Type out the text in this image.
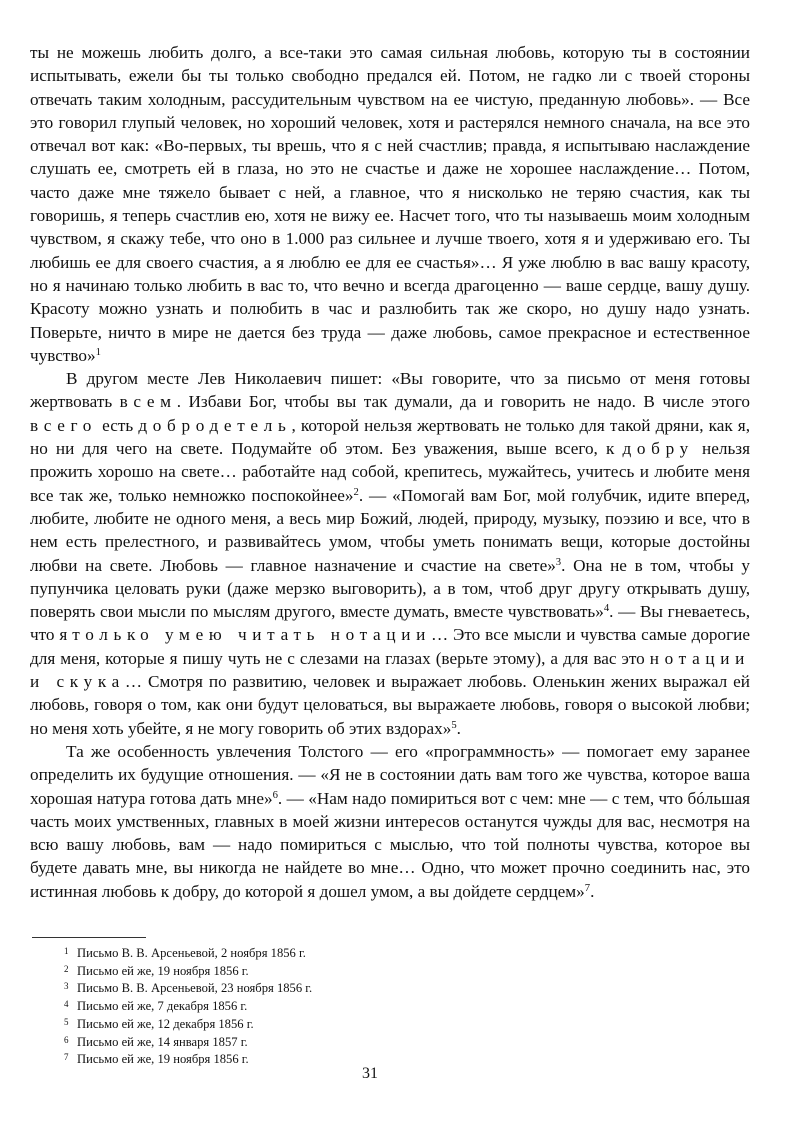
ты не можешь любить долго, а все-таки это самая сильная любовь, которую ты в состоянии испытывать, ежели бы ты только свободно предался ей. Потом, не гадко ли с твоей стороны отвечать таким холодным, рассудительным чувством на ее чистую, преданную любовь». — Все это говорил глупый человек, но хороший человек, хотя и растерялся немного сначала, на все это отвечал вот как: «Во-первых, ты врешь, что я с ней счастлив; правда, я испытываю наслаждение слушать ее, смотреть ей в глаза, но это не счастье и даже не хорошее наслаждение… Потом, часто даже мне тяжело бывает с ней, а главное, что я нисколько не теряю счастия, как ты говоришь, я теперь счастлив ею, хотя не вижу ее. Насчет того, что ты называешь моим холодным чувством, я скажу тебе, что оно в 1.000 раз сильнее и лучше твоего, хотя я и удерживаю его. Ты любишь ее для своего счастия, а я люблю ее для ее счастья»… Я уже люблю в вас вашу красоту, но я начинаю только любить в вас то, что вечно и всегда драгоценно — ваше сердце, вашу душу. Красоту можно узнать и полюбить в час и разлюбить так же скоро, но душу надо узнать. Поверьте, ничто в мире не дается без труда — даже любовь, самое прекрасное и естественное чувство»$^1$

В другом месте Лев Николаевич пишет: «Вы говорите, что за письмо от меня готовы жертвовать всем. Избави Бог, чтобы вы так думали, да и говорить не надо. В числе этого всего есть добродетель, которой нельзя жертвовать не только для такой дряни, как я, но ни для чего на свете. Подумайте об этом. Без уважения, выше всего, к добру нельзя прожить хорошо на свете… работайте над собой, крепитесь, мужайтесь, учитесь и любите меня все так же, только немножко поспокойнее»$^2$. — «Помогай вам Бог, мой голубчик, идите вперед, любите, любите не одного меня, а весь мир Божий, людей, природу, музыку, поэзию и все, что в нем есть прелестного, и развивайтесь умом, чтобы уметь понимать вещи, которые достойны любви на свете. Любовь — главное назначение и счастие на свете»$^3$. Она не в том, чтобы у пупунчика целовать руки (даже мерзко выговорить), а в том, чтоб друг другу открывать душу, поверять свои мысли по мыслям другого, вместе думать, вместе чувствовать»$^4$. — Вы гневаетесь, что я только умею читать нотации… Это все мысли и чувства самые дорогие для меня, которые я пишу чуть не с слезами на глазах (верьте этому), а для вас это нотации и скука… Смотря по развитию, человек и выражает любовь. Оленькин жених выражал ей любовь, говоря о том, как они будут целоваться, вы выражаете любовь, говоря о высокой любви; но меня хоть убейте, я не могу говорить об этих вздорах»$^5$.

Та же особенность увлечения Толстого — его «программность» — помогает ему заранее определить их будущие отношения. — «Я не в состоянии дать вам того же чувства, которое ваша хорошая натура готова дать мне»$^6$. — «Нам надо помириться вот с чем: мне — с тем, что бóльшая часть моих умственных, главных в моей жизни интересов останутся чужды для вас, несмотря на всю вашу любовь, вам — надо помириться с мыслью, что той полноты чувства, которое вы будете давать мне, вы никогда не найдете во мне… Одно, что может прочно соединить нас, это истинная любовь к добру, до которой я дошел умом, а вы дойдете сердцем»$^7$.

1 Письмо В. В. Арсеньевой, 2 ноября 1856 г.
2 Письмо ей же, 19 ноября 1856 г.
3 Письмо В. В. Арсеньевой, 23 ноября 1856 г.
4 Письмо ей же, 7 декабря 1856 г.
5 Письмо ей же, 12 декабря 1856 г.
6 Письмо ей же, 14 января 1857 г.
7 Письмо ей же, 19 ноября 1856 г.
31
